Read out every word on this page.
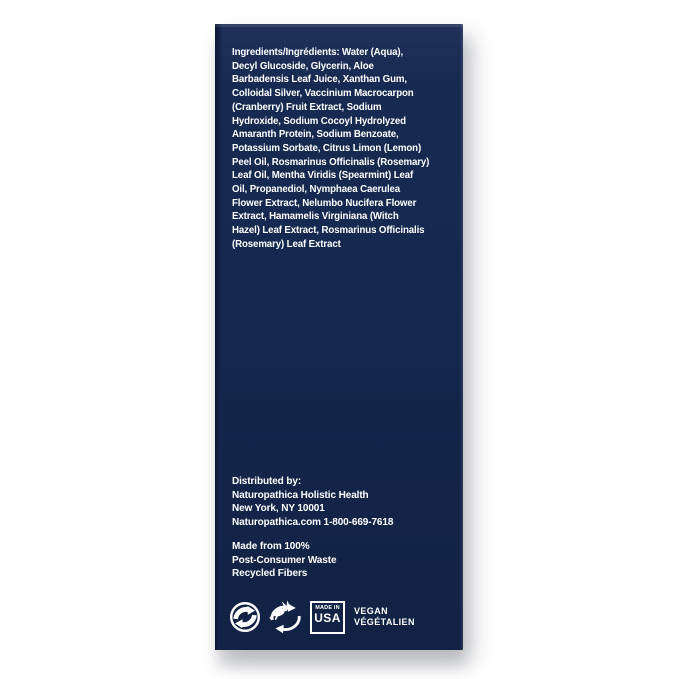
Ingredients/Ingrédients: Water (Aqua),
Decyl Glucoside, Glycerin, Aloe
Barbadensis Leaf Juice, Xanthan Gum,
Colloidal Silver, Vaccinium Macrocarpon
(Cranberry) Fruit Extract, Sodium
Hydroxide, Sodium Cocoyl Hydrolyzed
Amaranth Protein, Sodium Benzoate,
Potassium Sorbate, Citrus Limon (Lemon)
Peel Oil, Rosmarinus Officinalis (Rosemary)
Leaf Oil, Mentha Viridis (Spearmint) Leaf
Oil, Propanediol, Nymphaea Caerulea
Flower Extract, Nelumbo Nucifera Flower
Extract, Hamamelis Virginiana (Witch
Hazel) Leaf Extract, Rosmarinus Officinalis
(Rosemary) Leaf Extract
Distributed by:
Naturopathica Holistic Health
New York, NY 10001
Naturopathica.com 1-800-669-7618
Made from 100%
Post-Consumer Waste
Recycled Fibers
MADE IN
USA VEGAN
VÉGÉTALIEN
